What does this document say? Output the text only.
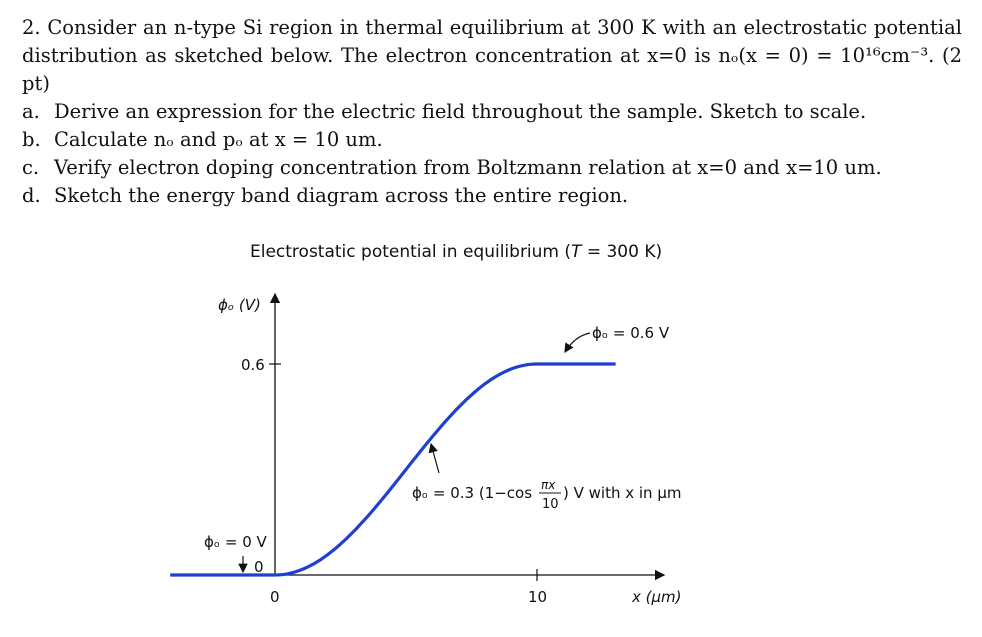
2. Consider an n-type Si region in thermal equilibrium at 300 K with an electrostatic potential distribution as sketched below. The electron concentration at x=0 is nₒ(x = 0) = 10¹⁶cm⁻³. (2 pt)
a. Derive an expression for the electric field throughout the sample. Sketch to scale.
b. Calculate nₒ and pₒ at x = 10 um.
c. Verify electron doping concentration from Boltzmann relation at x=0 and x=10 um.
d. Sketch the energy band diagram across the entire region.
Electrostatic potential in equilibrium (T = 300 K)
ϕₒ (V)
x (μm)
0.6
0	10
ϕₒ = 0.6 V
ϕₒ = 0 V
0
ϕₒ = 0.3 (1−cos πx
10
) V with x in μm
